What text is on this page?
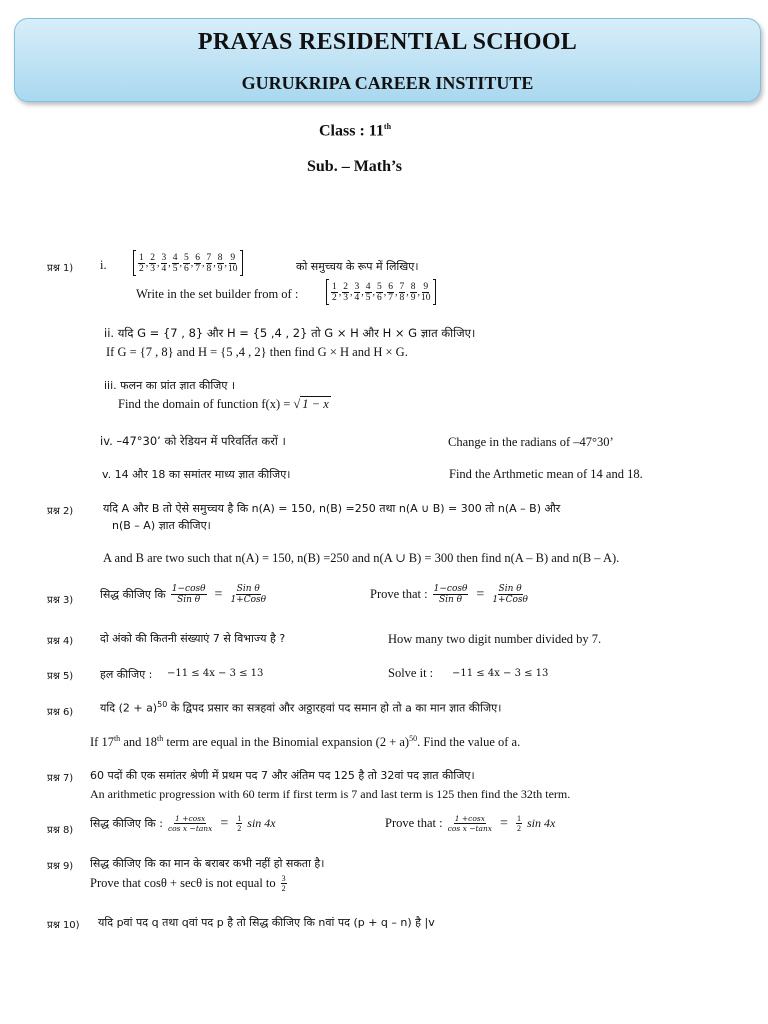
PRAYAS RESIDENTIAL SCHOOL
GURUKRIPA CAREER INSTITUTE
Class : 11th
Sub. – Math’s
प्रश्न 1) i.	$\frac{1}{2}$ , $\frac{2}{3}$ , $\frac{3}{4}$ , $\frac{4}{5}$ , $\frac{5}{6}$ , $\frac{6}{7}$ , $\frac{7}{8}$ , $\frac{8}{9}$ , $\frac{9}{10}$	को समुच्चय के रूप में लिखिए।
Write in the set builder from of :	$\frac{1}{2}$ , $\frac{2}{3}$ , $\frac{3}{4}$ , $\frac{4}{5}$ , $\frac{5}{6}$ , $\frac{6}{7}$ , $\frac{7}{8}$ , $\frac{8}{9}$ , $\frac{9}{10}$
ii. यदि G = {7 , 8} और H = {5 ,4 , 2} तो G × H और H × G ज्ञात कीजिए।
If G = {7 , 8} and H = {5 ,4 , 2} then find G × H and H × G.
iii. फलन का प्रांत ज्ञात कीजिए ।
Find the domain of function f(x) = √ 1 − x
iv. –47°30’ को रेडियन में परिवर्तित करों ।	Change in the radians of –47°30’
v. 14 और 18 का समांतर माध्य ज्ञात कीजिए।	Find the Arthmetic mean of 14 and 18.
प्रश्न 2)	यदि A और B तो ऐसे समुच्चय है कि n(A) = 150, n(B) =250 तथा n(A ∪ B) = 300 तो n(A – B) और
n(B – A) ज्ञात कीजिए।
A and B are two such that n(A) = 150, n(B) =250 and n(A ∪ B) = 300 then find n(A – B) and n(B – A).
प्रश्न 3) सिद्ध कीजिए कि $\frac{1-\cos\theta}{\text{Sin θ}} = \frac{\text{Sin θ}}{\text{1+Cosθ}}$	Prove that : $\frac{1-\cos\theta}{\text{Sin θ}} = \frac{\text{Sin θ}}{\text{1+Cosθ}}$
प्रश्न 4) दो अंको की कितनी संख्याएं 7 से विभाज्य है ?	How many two digit number divided by 7.
प्रश्न 5) हल कीजिए : −11 ≤ 4x − 3 ≤ 13	Solve it : −11 ≤ 4x − 3 ≤ 13
प्रश्न 6) यदि $(2 + a)^{50}$ के द्विपद प्रसार का सत्रहवां और अठ्ठारहवां पद समान हो तो a का मान ज्ञात कीजिए।
If 17th and 18th term are equal in the Binomial expansion $(2 + a)^{50}$. Find the value of a.
प्रश्न 7) 60 पदों की एक समांतर श्रेणी में प्रथम पद 7 और अंतिम पद 125 है तो 32वां पद ज्ञात कीजिए।
An arithmetic progression with 60 term if first term is 7 and last term is 125 then find the 32th term.
प्रश्न 8)
सिद्ध कीजिए कि : $\frac{1 +\cos x}{\text{cos x −tanx}} = \frac{1}{2}$ sin 4x	Prove that : $\frac{1 +\cos x}{\text{cos x −tanx}} = \frac{1}{2}$ sin 4x
प्रश्न 9) सिद्ध कीजिए कि का मान के बराबर कभी नहीं हो सकता है।
Prove that cosθ + secθ is not equal to $\frac{3}{2}$
प्रश्न 10) यदि pवां पद q तथा qवां पद p है तो सिद्ध कीजिए कि nवां पद (p + q – n) है |v
